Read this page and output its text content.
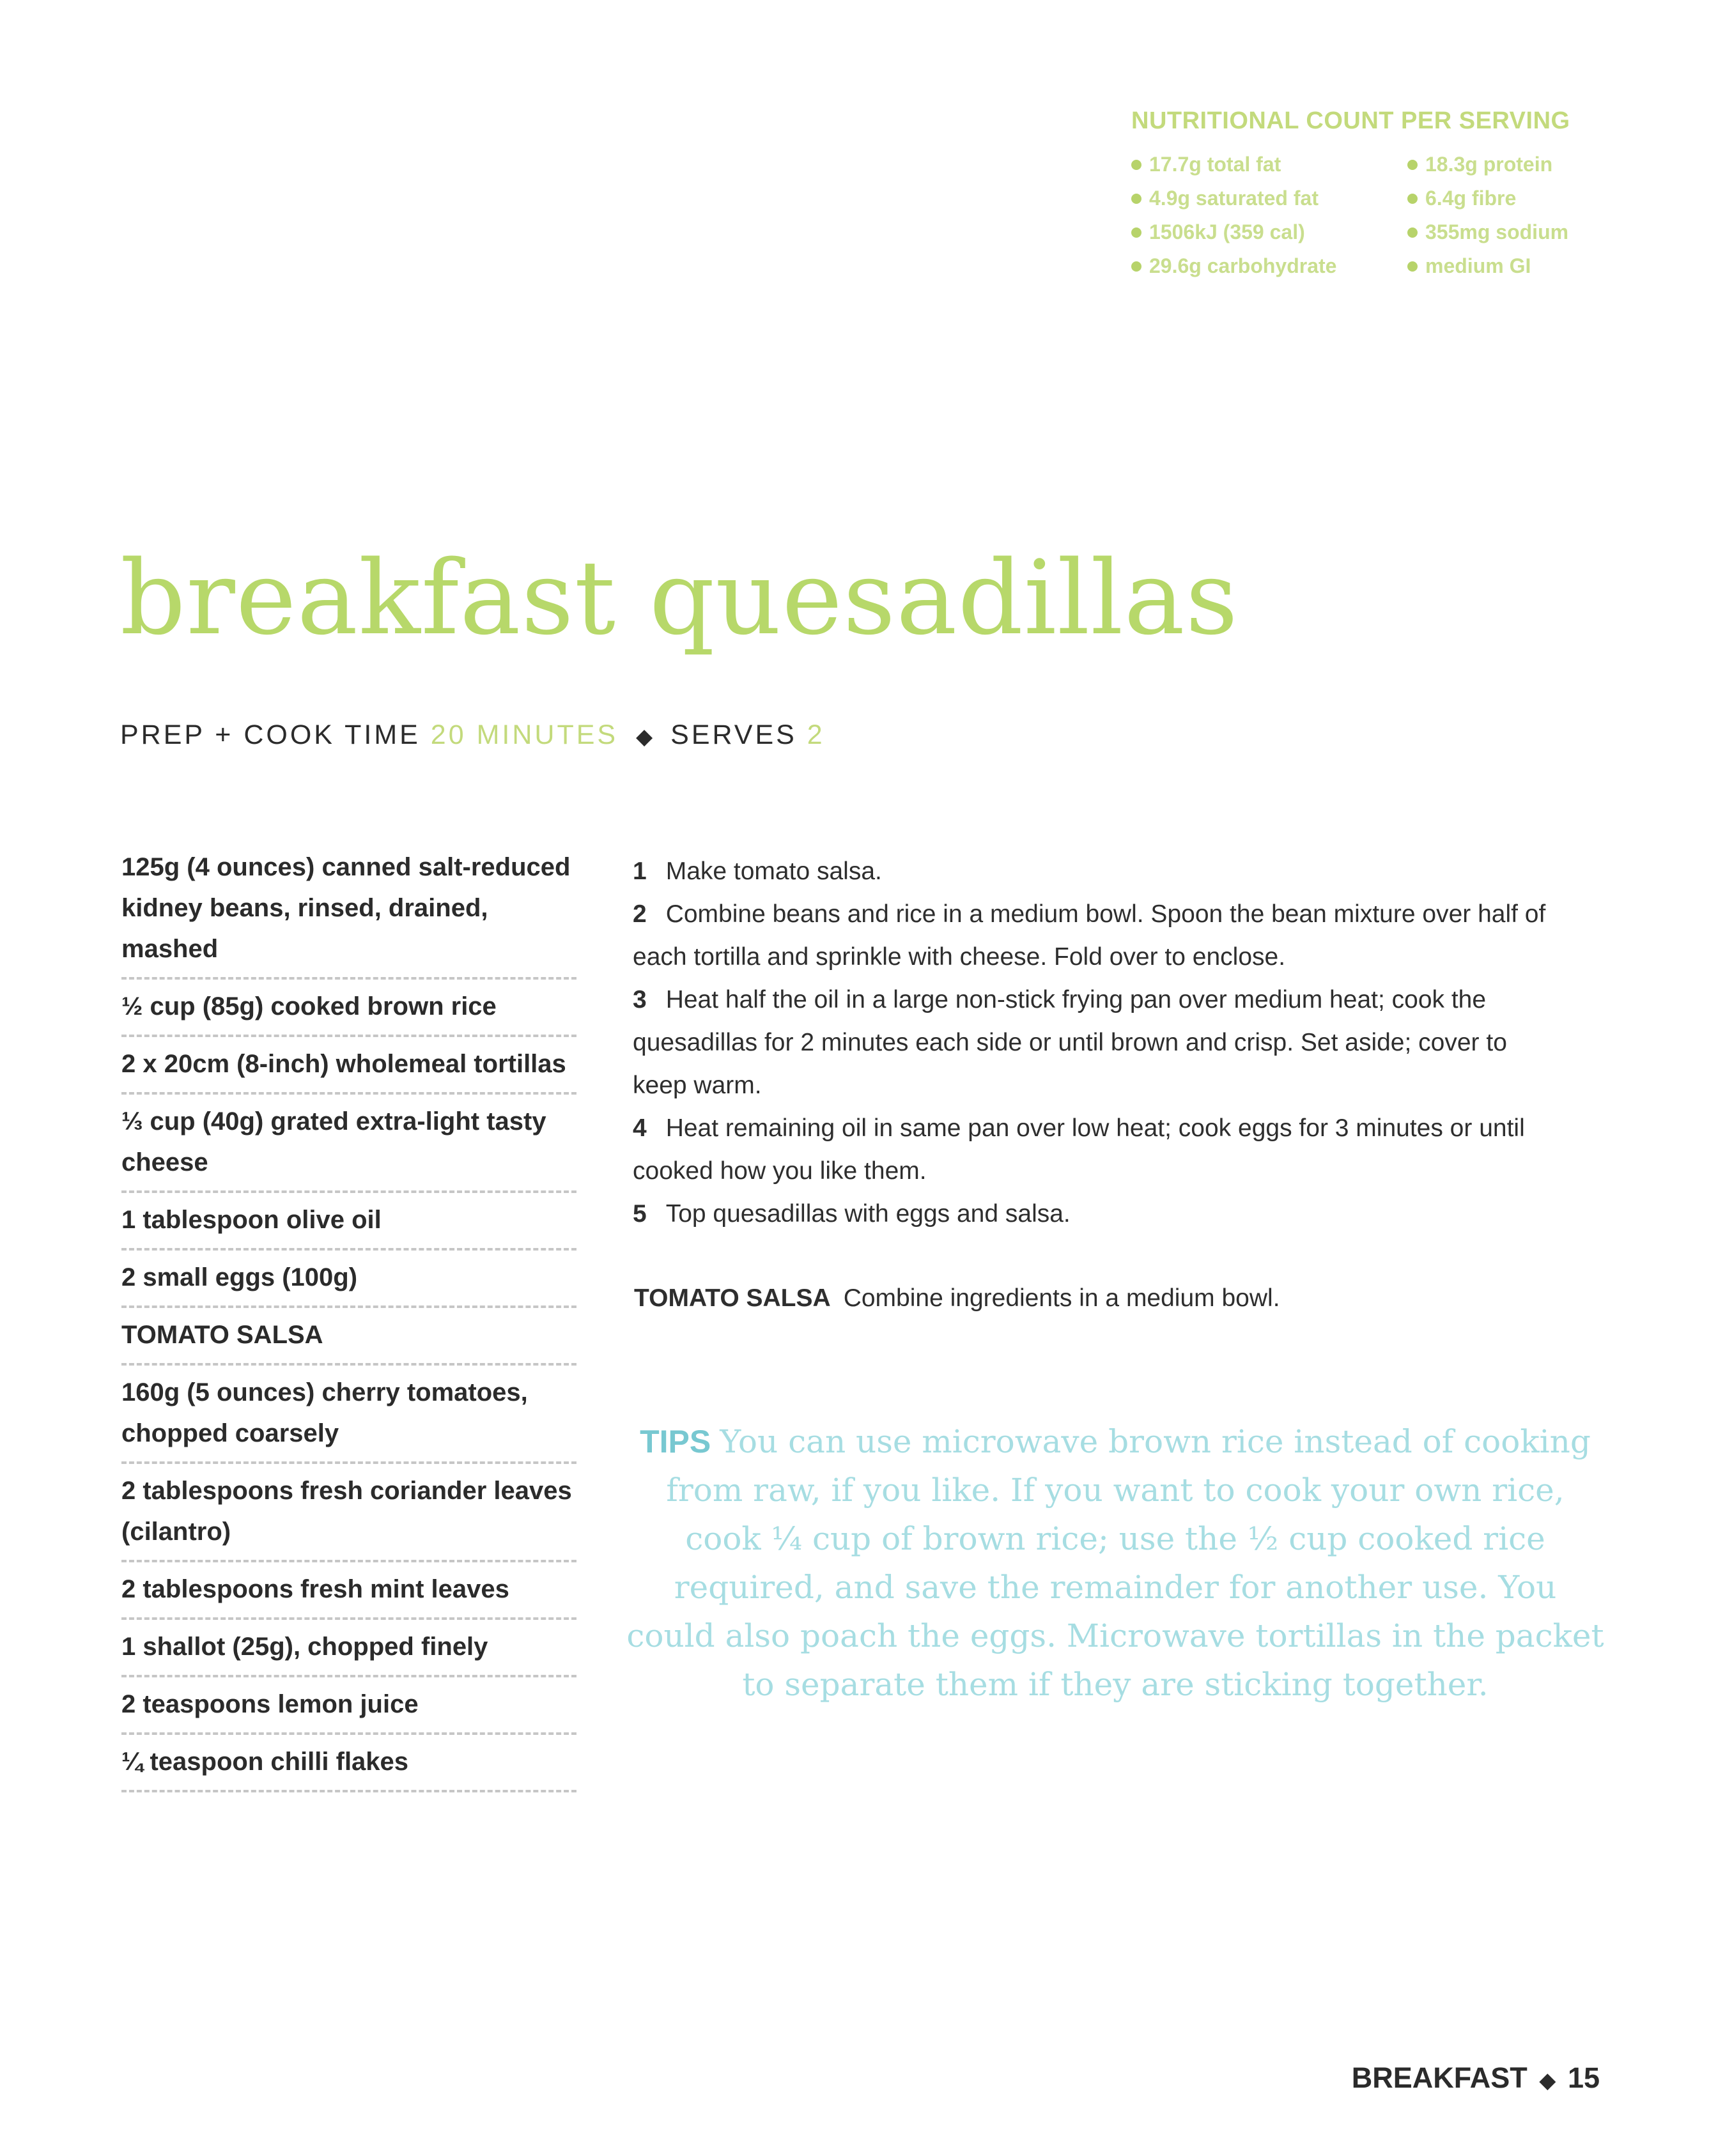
NUTRITIONAL COUNT PER SERVING
17.7g total fat	18.3g protein
4.9g saturated fat	6.4g fibre
1506kJ (359 cal)	355mg sodium
29.6g carbohydrate	medium GI
breakfast quesadillas
PREP + COOK TIME 20 MINUTES ◆ SERVES 2
125g (4 ounces) canned salt-reduced kidney beans, rinsed, drained, mashed
½ cup (85g) cooked brown rice
2 x 20cm (8-inch) wholemeal tortillas
⅓ cup (40g) grated extra-light tasty cheese
1 tablespoon olive oil
2 small eggs (100g)
TOMATO SALSA
160g (5 ounces) cherry tomatoes, chopped coarsely
2 tablespoons fresh coriander leaves (cilantro)
2 tablespoons fresh mint leaves
1 shallot (25g), chopped finely
2 teaspoons lemon juice
¼ teaspoon chilli flakes
1 Make tomato salsa.
2 Combine beans and rice in a medium bowl. Spoon the bean mixture over half of each tortilla and sprinkle with cheese. Fold over to enclose.
3 Heat half the oil in a large non-stick frying pan over medium heat; cook the quesadillas for 2 minutes each side or until brown and crisp. Set aside; cover to keep warm.
4 Heat remaining oil in same pan over low heat; cook eggs for 3 minutes or until cooked how you like them.
5 Top quesadillas with eggs and salsa.
TOMATO SALSA Combine ingredients in a medium bowl.

TIPS You can use microwave brown rice instead of cooking from raw, if you like. If you want to cook your own rice, cook ¼ cup of brown rice; use the ½ cup cooked rice required, and save the remainder for another use. You could also poach the eggs. Microwave tortillas in the packet to separate them if they are sticking together.

BREAKFAST ◆ 15
